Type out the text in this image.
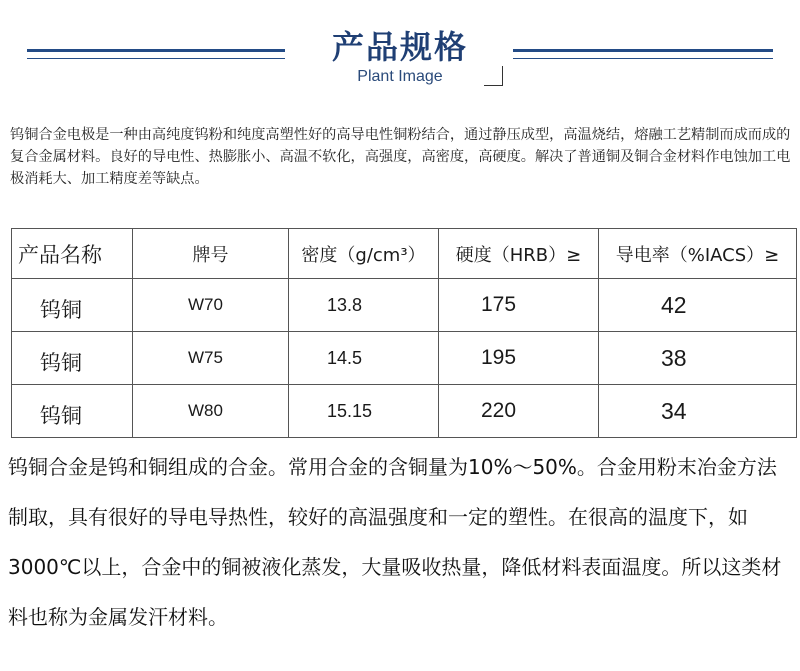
产品规格
Plant Image
钨铜合金电极是一种由高纯度钨粉和纯度高塑性好的高导电性铜粉结合，通过静压成型，高温烧结，熔融工艺精制而成而成的复合金属材料。良好的导电性、热膨胀小、高温不软化，高强度，高密度，高硬度。解决了普通铜及铜合金材料作电蚀加工电极消耗大、加工精度差等缺点。
产品名称	牌号	密度（g/cm³）	硬度（HRB）≥	导电率（%IACS）≥
钨铜	W70	13.8	175	42
钨铜	W75	14.5	195	38
钨铜	W80	15.15	220	34

钨铜合金是钨和铜组成的合金。常用合金的含铜量为10%～50%。合金用粉末冶金方法制取，具有很好的导电导热性，较好的高温强度和一定的塑性。在很高的温度下，如3000℃以上，合金中的铜被液化蒸发，大量吸收热量，降低材料表面温度。所以这类材料也称为金属发汗材料。
